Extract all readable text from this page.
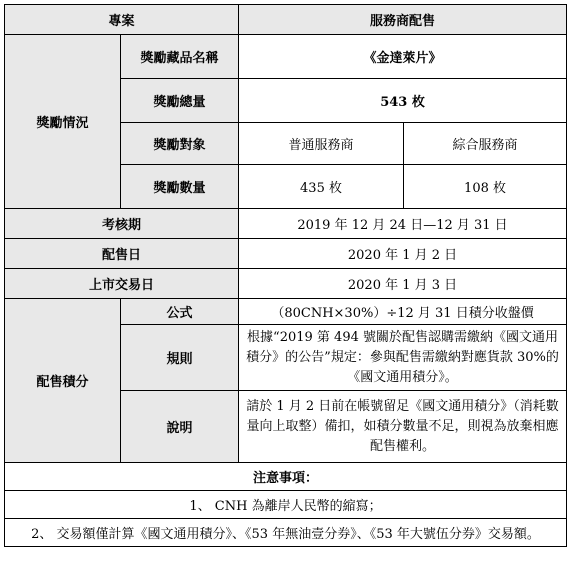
專案		服務商配售	
獎勵情況	獎勵藏品名稱	《金達萊片》	
	獎勵總量	543 枚	
	獎勵對象	普通服務商	綜合服務商
	獎勵數量	435 枚	108 枚
考核期		2019 年 12 月 24 日—12 月 31 日	
配售日		2020 年 1 月 2 日	
上市交易日		2020 年 1 月 3 日	
配售積分	公式	（80CNH×30%）÷12 月 31 日積分收盤價	
	規則	根據“2019 第 494 號關於配售認購需繳納《國文通用積分》的公告”規定：參與配售需繳納對應貨款 30%的《國文通用積分》。	
	說明	請於 1 月 2 日前在帳號留足《國文通用積分》（消耗數量向上取整）備扣，如積分數量不足，則視為放棄相應配售權利。	
注意事項：			
1、 CNH 為離岸人民幣的縮寫；			
2、 交易額僅計算《國文通用積分》、《53 年無油壹分券》、《53 年大號伍分券》交易額。			
